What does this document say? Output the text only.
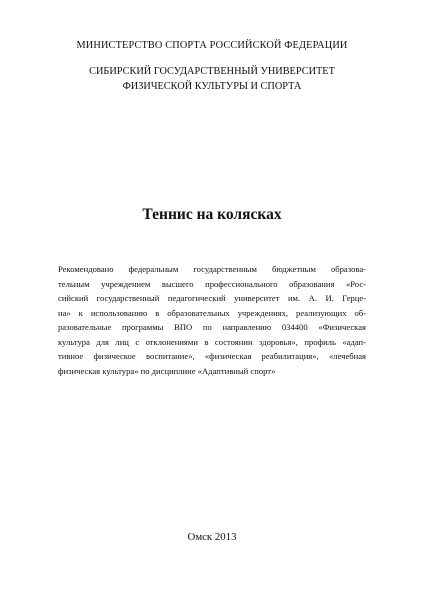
МИНИСТЕРСТВО СПОРТА РОССИЙСКОЙ ФЕДЕРАЦИИ
СИБИРСКИЙ ГОСУДАРСТВЕННЫЙ УНИВЕРСИТЕТ
ФИЗИЧЕСКОЙ КУЛЬТУРЫ И СПОРТА
Теннис на колясках

Рекомендовано федеральным государственным бюджетным образова-
тельным учреждением высшего профессионального образования «Рос-
сийский государственный педагогический университет им. А. И. Герце-
на» к использованию в образовательных учреждениях, реализующих об-
разовательные программы ВПО по направлению 034400 «Физическая
культура для лиц с отклонениями в состоянии здоровья», профиль «адап-
тивное физическое воспитание», «физическая реабилитация», «лечебная
физическая культура» по дисциплине «Адаптивный спорт»

Омск 2013
